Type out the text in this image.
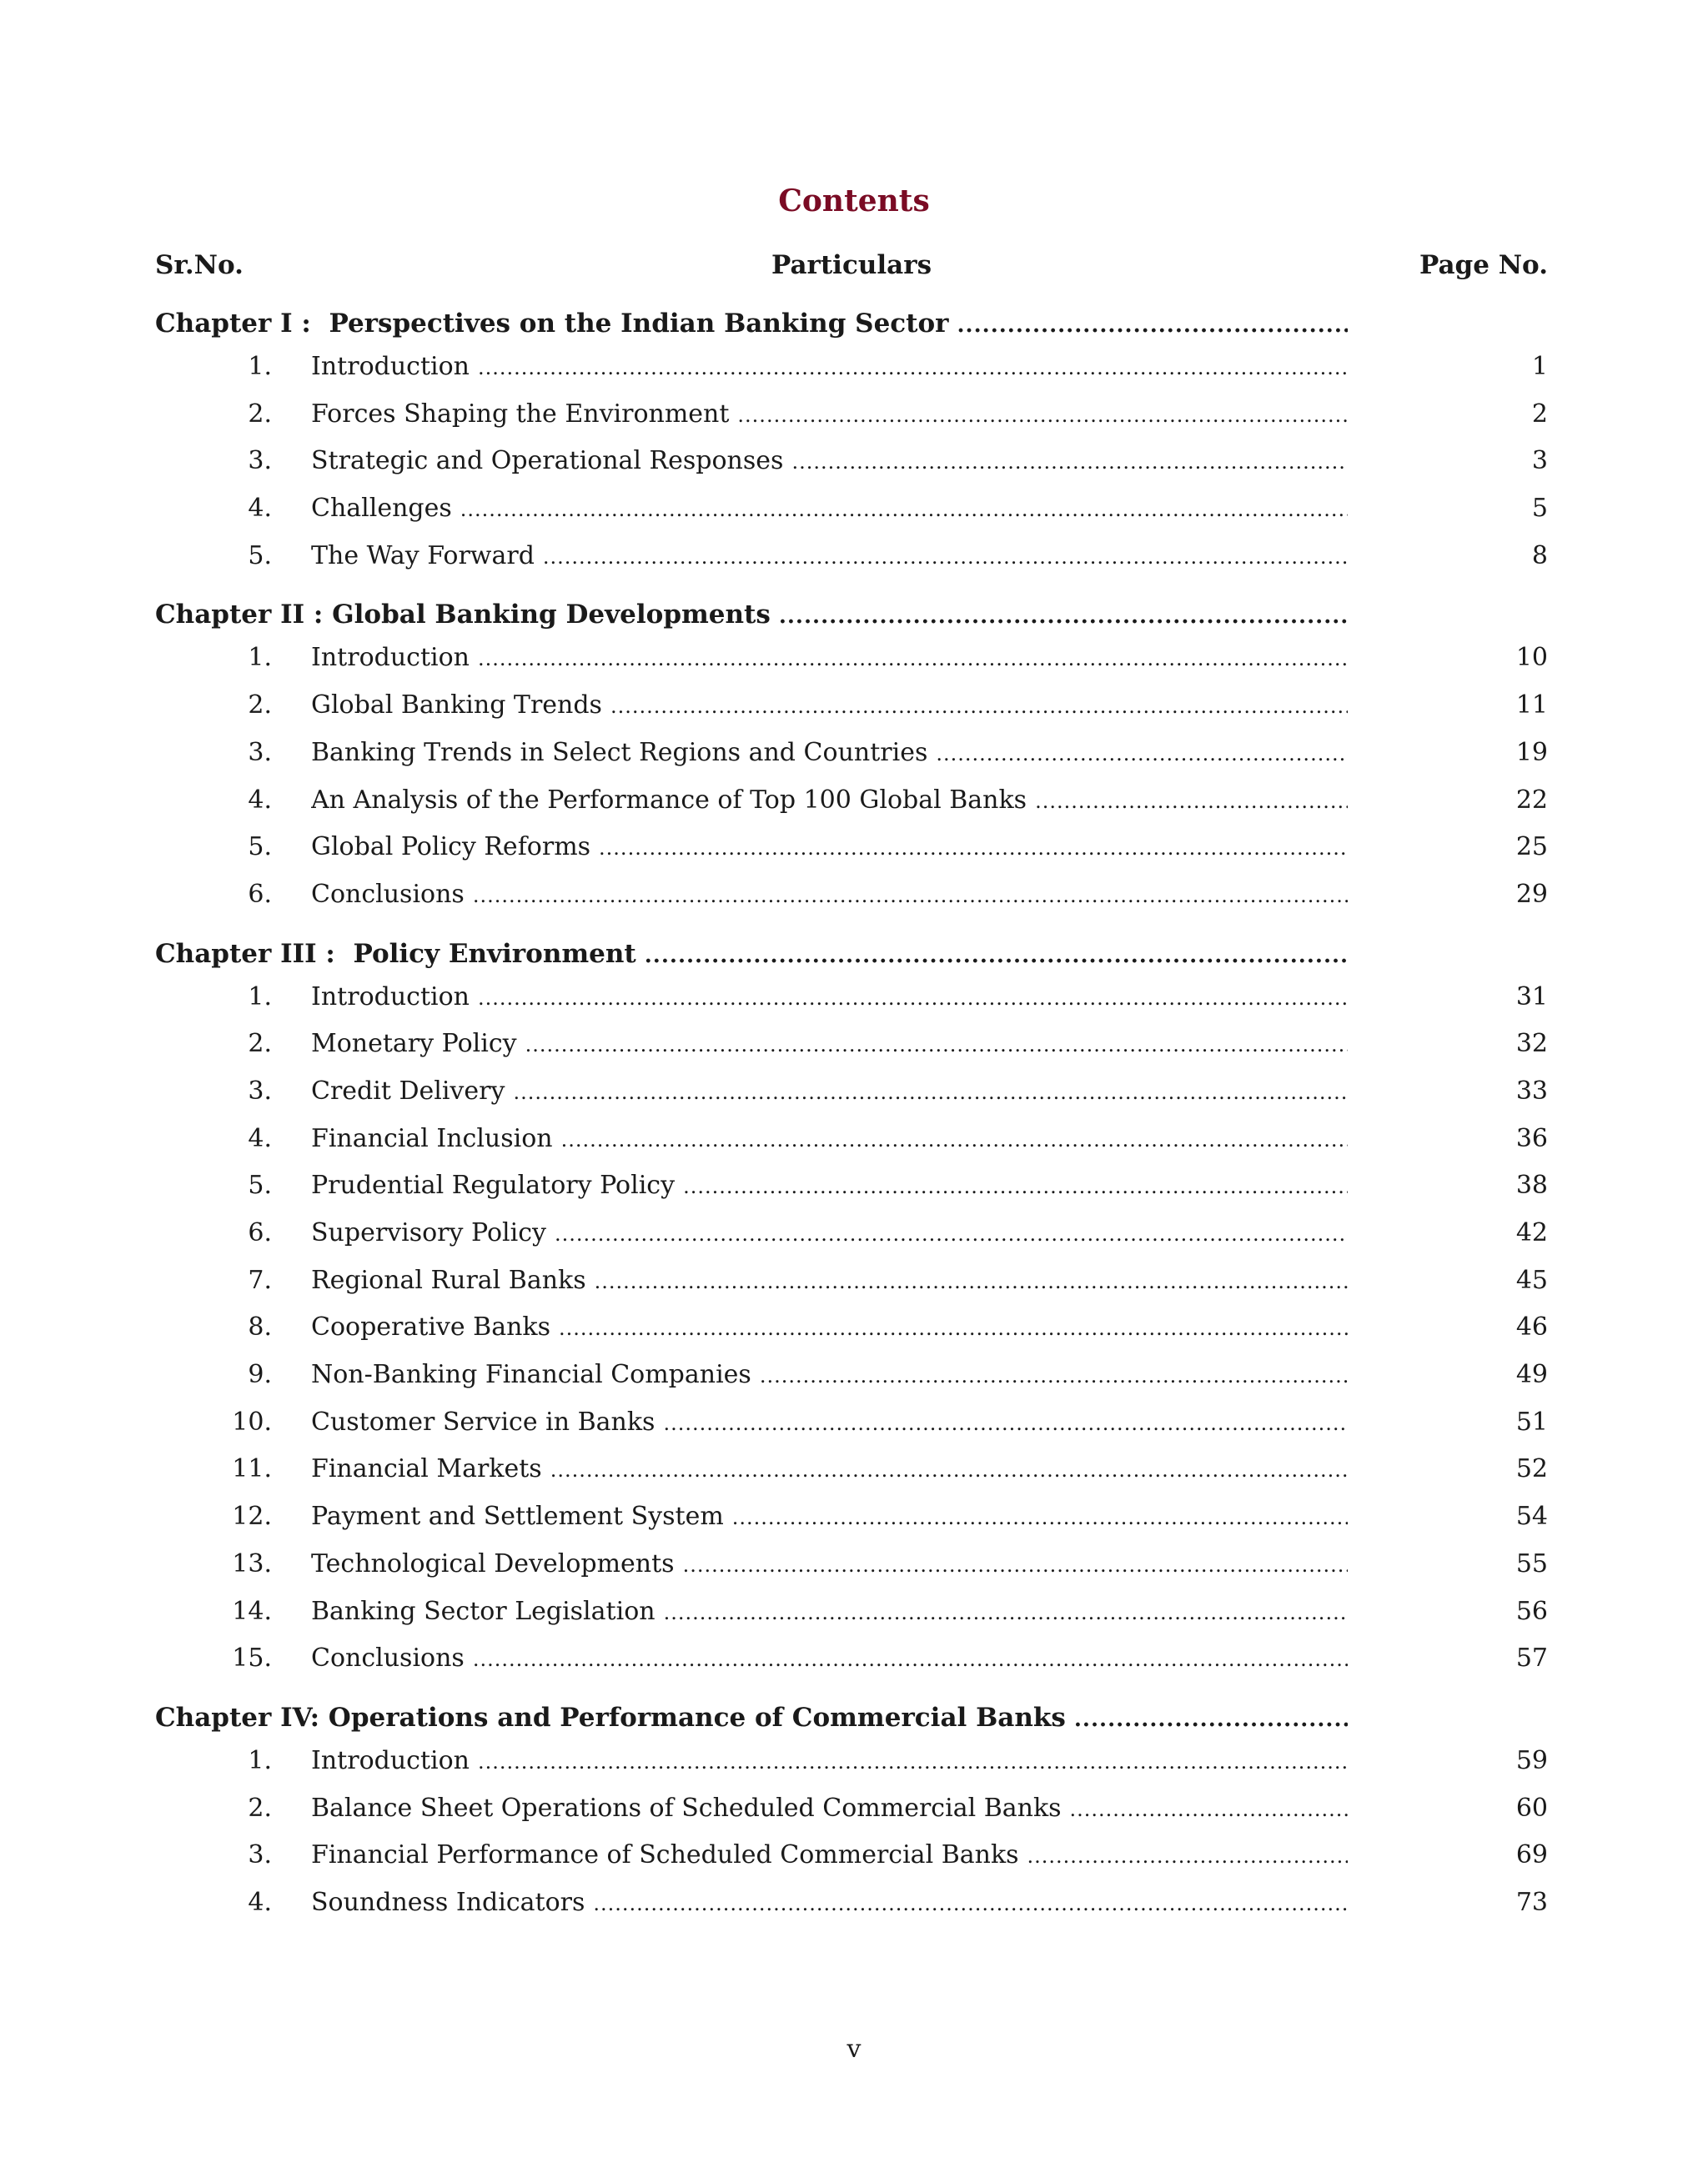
Contents
Sr.No.	Particulars	Page No.
Chapter I :  Perspectives on the Indian Banking Sector
.....
1. Introduction .....	1
2. Forces Shaping the Environment .....	2
3. Strategic and Operational Responses .....	3
4. Challenges .....	5
5. The Way Forward .....	8
Chapter II : Global Banking Developments
.....
1. Introduction .....	10
2. Global Banking Trends .....	11
3. Banking Trends in Select Regions and Countries .....	19
4. An Analysis of the Performance of Top 100 Global Banks .....	22
5. Global Policy Reforms .....	25
6. Conclusions .....	29
Chapter III :  Policy Environment
.....
1. Introduction .....	31
2. Monetary Policy .....	32
3. Credit Delivery .....	33
4. Financial Inclusion .....	36
5. Prudential Regulatory Policy .....	38
6. Supervisory Policy .....	42
7. Regional Rural Banks .....	45
8. Cooperative Banks .....	46
9. Non-Banking Financial Companies .....	49
10. Customer Service in Banks .....	51
11. Financial Markets .....	52
12. Payment and Settlement System .....	54
13. Technological Developments .....	55
14. Banking Sector Legislation .....	56
15. Conclusions .....	57
Chapter IV: Operations and Performance of Commercial Banks
.....
1. Introduction .....	59
2. Balance Sheet Operations of Scheduled Commercial Banks .....	60
3. Financial Performance of Scheduled Commercial Banks .....	69
4. Soundness Indicators .....	73
v
